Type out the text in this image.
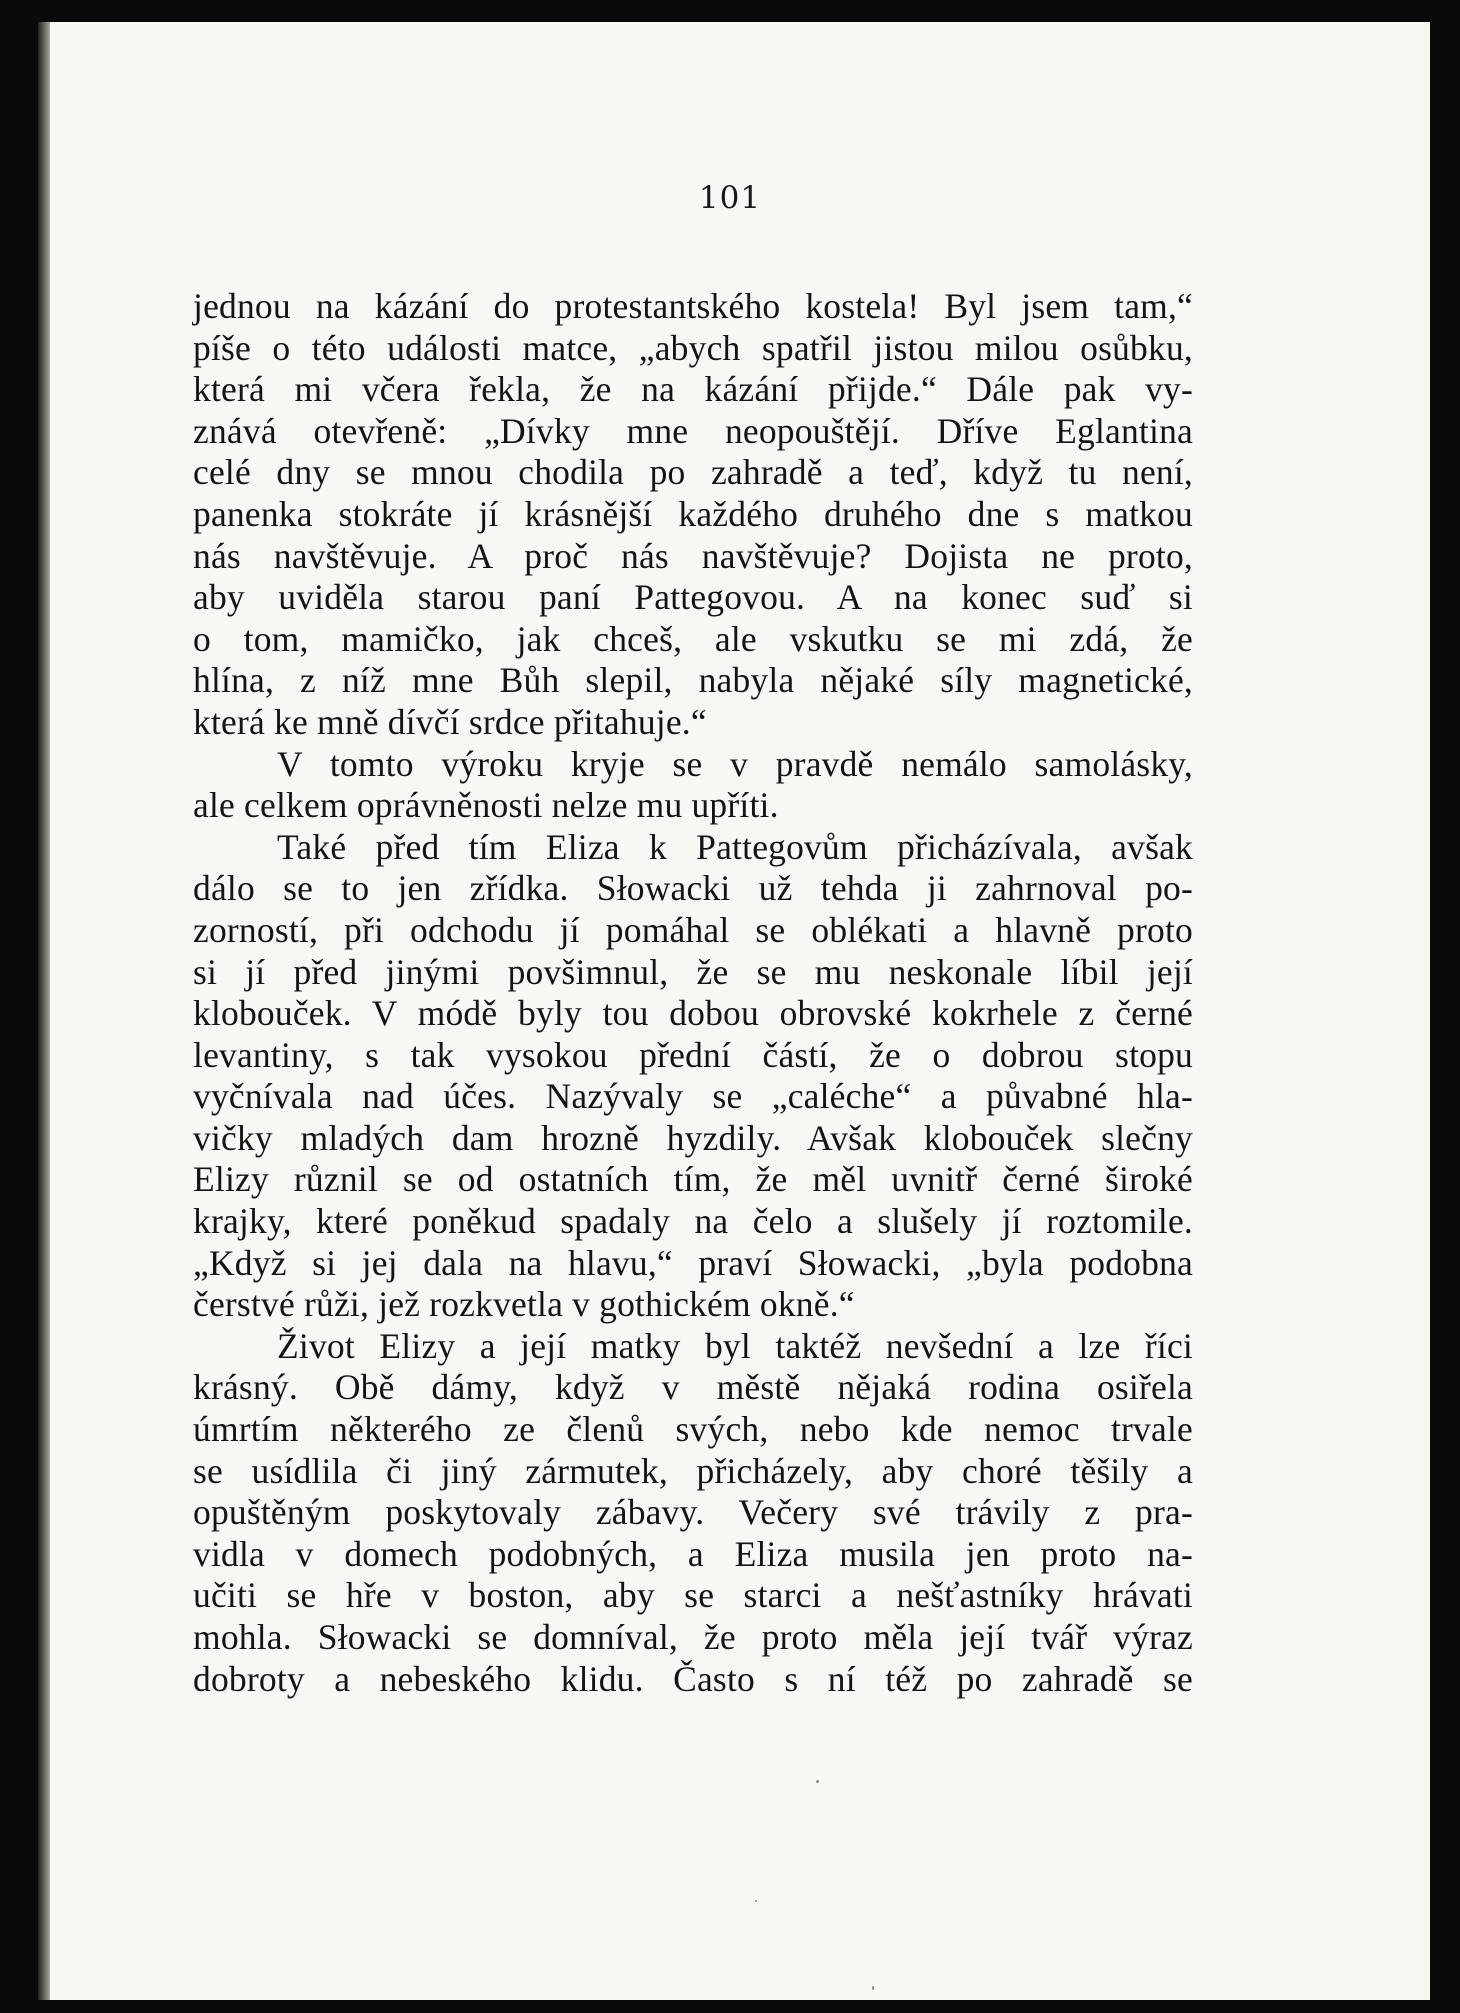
101
jednou na kázání do protestantského kostela! Byl jsem tam,“
píše o této události matce, „abych spatřil jistou milou osůbku,
která mi včera řekla, že na kázání přijde.“ Dále pak vy-
znává otevřeně: „Dívky mne neopouštějí. Dříve Eglantina
celé dny se mnou chodila po zahradě a teď, když tu není,
panenka stokráte jí krásnější každého druhého dne s matkou
nás navštěvuje. A proč nás navštěvuje? Dojista ne proto,
aby uviděla starou paní Pattegovou. A na konec suď si
o tom, mamičko, jak chceš, ale vskutku se mi zdá, že
hlína, z níž mne Bůh slepil, nabyla nějaké síly magnetické,
která ke mně dívčí srdce přitahuje.“
V tomto výroku kryje se v pravdě nemálo samolásky,
ale celkem oprávněnosti nelze mu upříti.
Také před tím Eliza k Pattegovům přicházívala, avšak
dálo se to jen zřídka. Słowacki už tehda ji zahrnoval po-
zorností, při odchodu jí pomáhal se oblékati a hlavně proto
si jí před jinými povšimnul, že se mu neskonale líbil její
klobouček. V módě byly tou dobou obrovské kokrhele z černé
levantiny, s tak vysokou přední částí, že o dobrou stopu
vyčnívala nad účes. Nazývaly se „caléche“ a půvabné hla-
vičky mladých dam hrozně hyzdily. Avšak klobouček slečny
Elizy různil se od ostatních tím, že měl uvnitř černé široké
krajky, které poněkud spadaly na čelo a slušely jí roztomile.
„Když si jej dala na hlavu,“ praví Słowacki, „byla podobna
čerstvé růži, jež rozkvetla v gothickém okně.“
Život Elizy a její matky byl taktéž nevšední a lze říci
krásný. Obě dámy, když v městě nějaká rodina osiřela
úmrtím některého ze členů svých, nebo kde nemoc trvale
se usídlila či jiný zármutek, přicházely, aby choré těšily a
opuštěným poskytovaly zábavy. Večery své trávily z pra-
vidla v domech podobných, a Eliza musila jen proto na-
učiti se hře v boston, aby se starci a nešťastníky hrávati
mohla. Słowacki se domníval, že proto měla její tvář výraz
dobroty a nebeského klidu. Často s ní též po zahradě se
